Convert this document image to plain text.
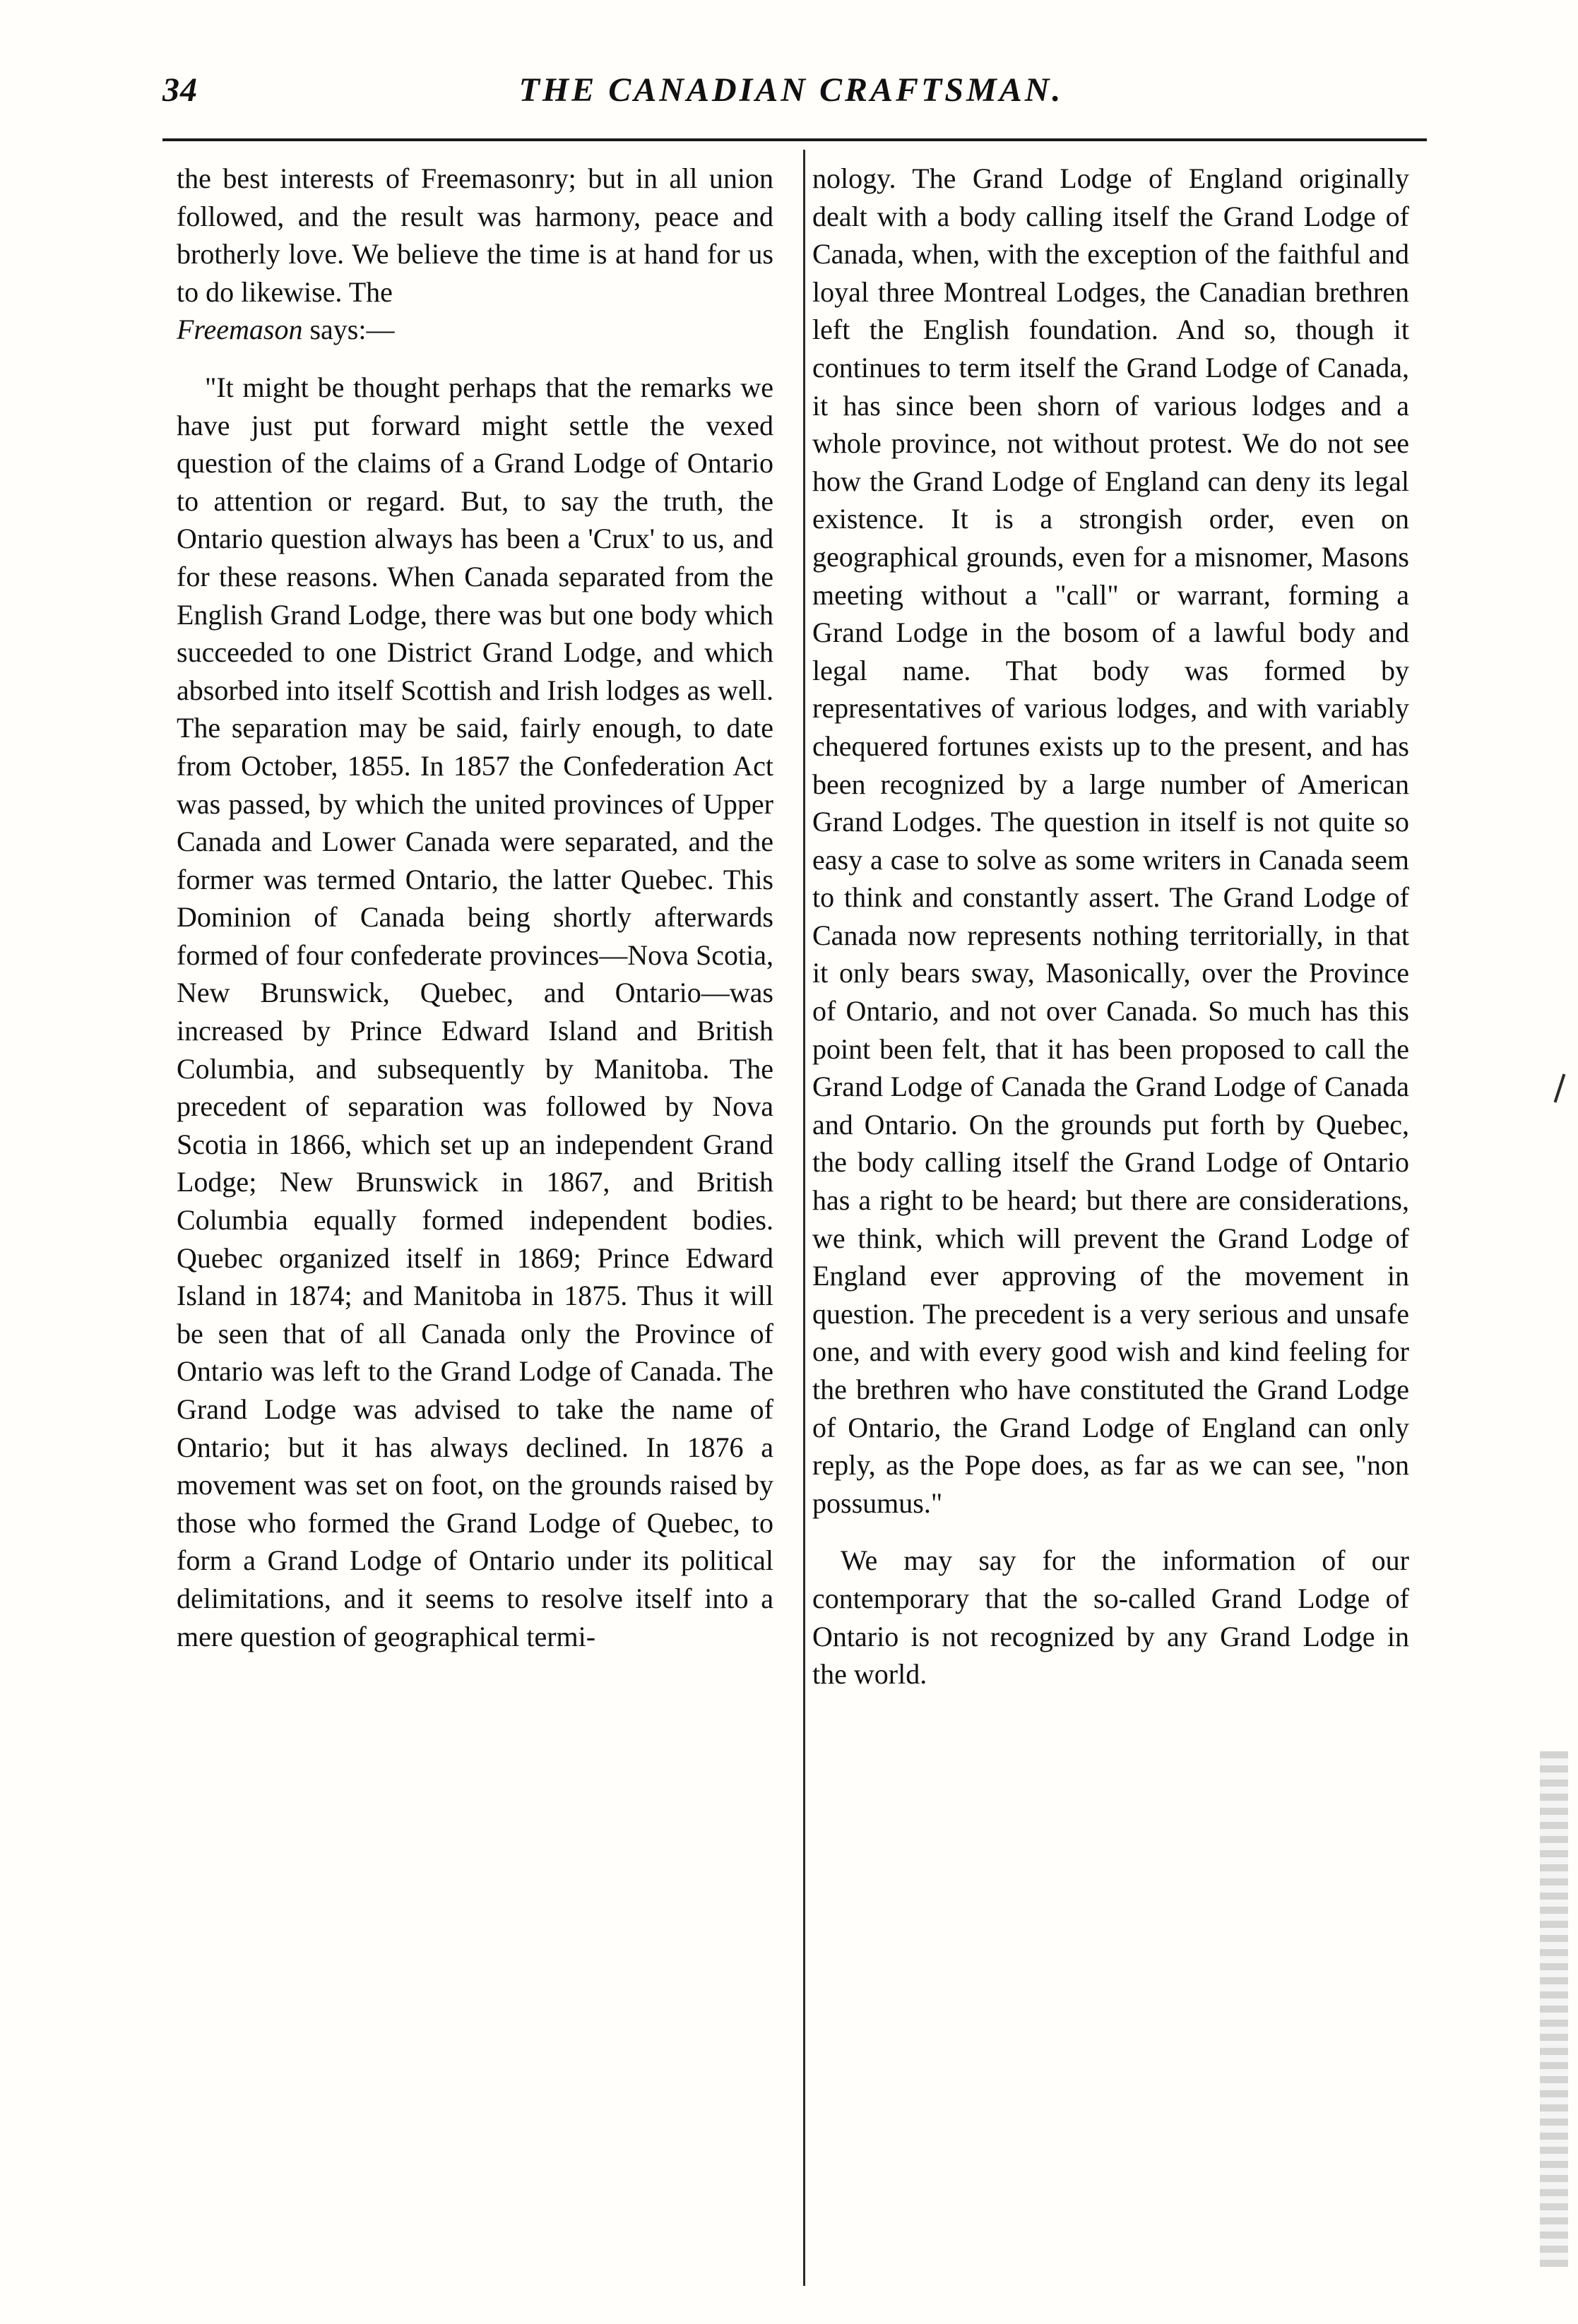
34	THE CANADIAN CRAFTSMAN.

the best interests of Freemasonry; but in all union followed, and the result was harmony, peace and brotherly love. We believe the time is at hand for us to do likewise. The
Freemason says:—

"It might be thought perhaps that the remarks we have just put forward might settle the vexed question of the claims of a Grand Lodge of Ontario to attention or regard. But, to say the truth, the Ontario question always has been a 'Crux' to us, and for these reasons. When Canada separated from the English Grand Lodge, there was but one body which succeeded to one District Grand Lodge, and which absorbed into itself Scottish and Irish lodges as well. The separation may be said, fairly enough, to date from October, 1855. In 1857 the Confederation Act was passed, by which the united provinces of Upper Canada and Lower Canada were separated, and the former was termed Ontario, the latter Quebec. This Dominion of Canada being shortly afterwards formed of four confederate provinces—Nova Scotia, New Brunswick, Quebec, and Ontario—was increased by Prince Edward Island and British Columbia, and subsequently by Manitoba. The precedent of separation was followed by Nova Scotia in 1866, which set up an independent Grand Lodge; New Brunswick in 1867, and British Columbia equally formed independent bodies. Quebec organized itself in 1869; Prince Edward Island in 1874; and Manitoba in 1875. Thus it will be seen that of all Canada only the Province of Ontario was left to the Grand Lodge of Canada. The Grand Lodge was advised to take the name of Ontario; but it has always declined. In 1876 a movement was set on foot, on the grounds raised by those who formed the Grand Lodge of Quebec, to form a Grand Lodge of Ontario under its political delimitations, and it seems to resolve itself into a mere question of geographical termi-

nology. The Grand Lodge of England originally dealt with a body calling itself the Grand Lodge of Canada, when, with the exception of the faithful and loyal three Montreal Lodges, the Canadian brethren left the English foundation. And so, though it continues to term itself the Grand Lodge of Canada, it has since been shorn of various lodges and a whole province, not without protest. We do not see how the Grand Lodge of England can deny its legal existence. It is a strongish order, even on geographical grounds, even for a misnomer, Masons meeting without a "call" or warrant, forming a Grand Lodge in the bosom of a lawful body and legal name. That body was formed by representatives of various lodges, and with variably chequered fortunes exists up to the present, and has been recognized by a large number of American Grand Lodges. The question in itself is not quite so easy a case to solve as some writers in Canada seem to think and constantly assert. The Grand Lodge of Canada now represents nothing territorially, in that it only bears sway, Masonically, over the Province of Ontario, and not over Canada. So much has this point been felt, that it has been proposed to call the Grand Lodge of Canada the Grand Lodge of Canada and Ontario. On the grounds put forth by Quebec, the body calling itself the Grand Lodge of Ontario has a right to be heard; but there are considerations, we think, which will prevent the Grand Lodge of England ever approving of the movement in question. The precedent is a very serious and unsafe one, and with every good wish and kind feeling for the brethren who have constituted the Grand Lodge of Ontario, the Grand Lodge of England can only reply, as the Pope does, as far as we can see, "non possumus."

We may say for the information of our contemporary that the so-called Grand Lodge of Ontario is not recognized by any Grand Lodge in the world.
